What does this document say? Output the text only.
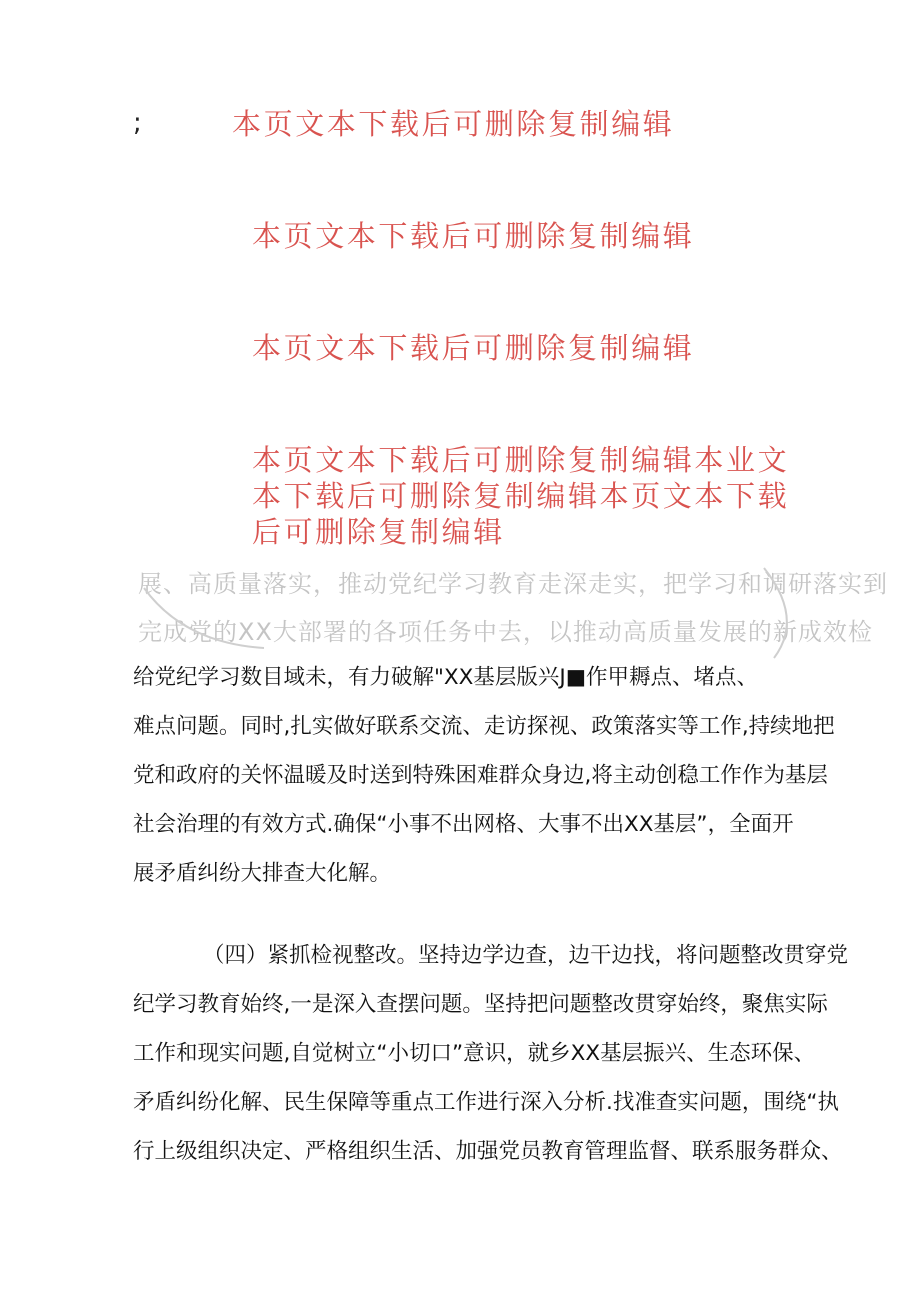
;	本页文本下载后可删除复制编辑
本页文本下载后可删除复制编辑
本页文本下载后可删除复制编辑
本页文本下载后可删除复制编辑本业文本下载后可删除复制编辑本页文本下载后可删除复制编辑
展、高质量落实，推动党纪学习教育走深走实，把学习和调研落实到
完成党的XX大部署的各项任务中去，以推动高质量发展的新成效检
给党纪学习数目域未，有力破解"XX基层版兴J■作甲耨点、堵点、
难点问题。同时,扎实做好联系交流、走访探视、政策落实等工作,持续地把
党和政府的关怀温暖及时送到特殊困难群众身边,将主动创稳工作作为基层
社会治理的有效方式.确保“小事不出网格、大事不出XX基层”，全面开
展矛盾纠纷大排查大化解。
（四）紧抓检视整改。坚持边学边查，边干边找，将问题整改贯穿党
纪学习教育始终,一是深入查摆问题。坚持把问题整改贯穿始终，聚焦实际
工作和现实问题,自觉树立“小切口”意识，就乡XX基层振兴、生态环保、
矛盾纠纷化解、民生保障等重点工作进行深入分析.找准查实问题，围绕“执
行上级组织决定、严格组织生活、加强党员教育管理监督、联系服务群众、
